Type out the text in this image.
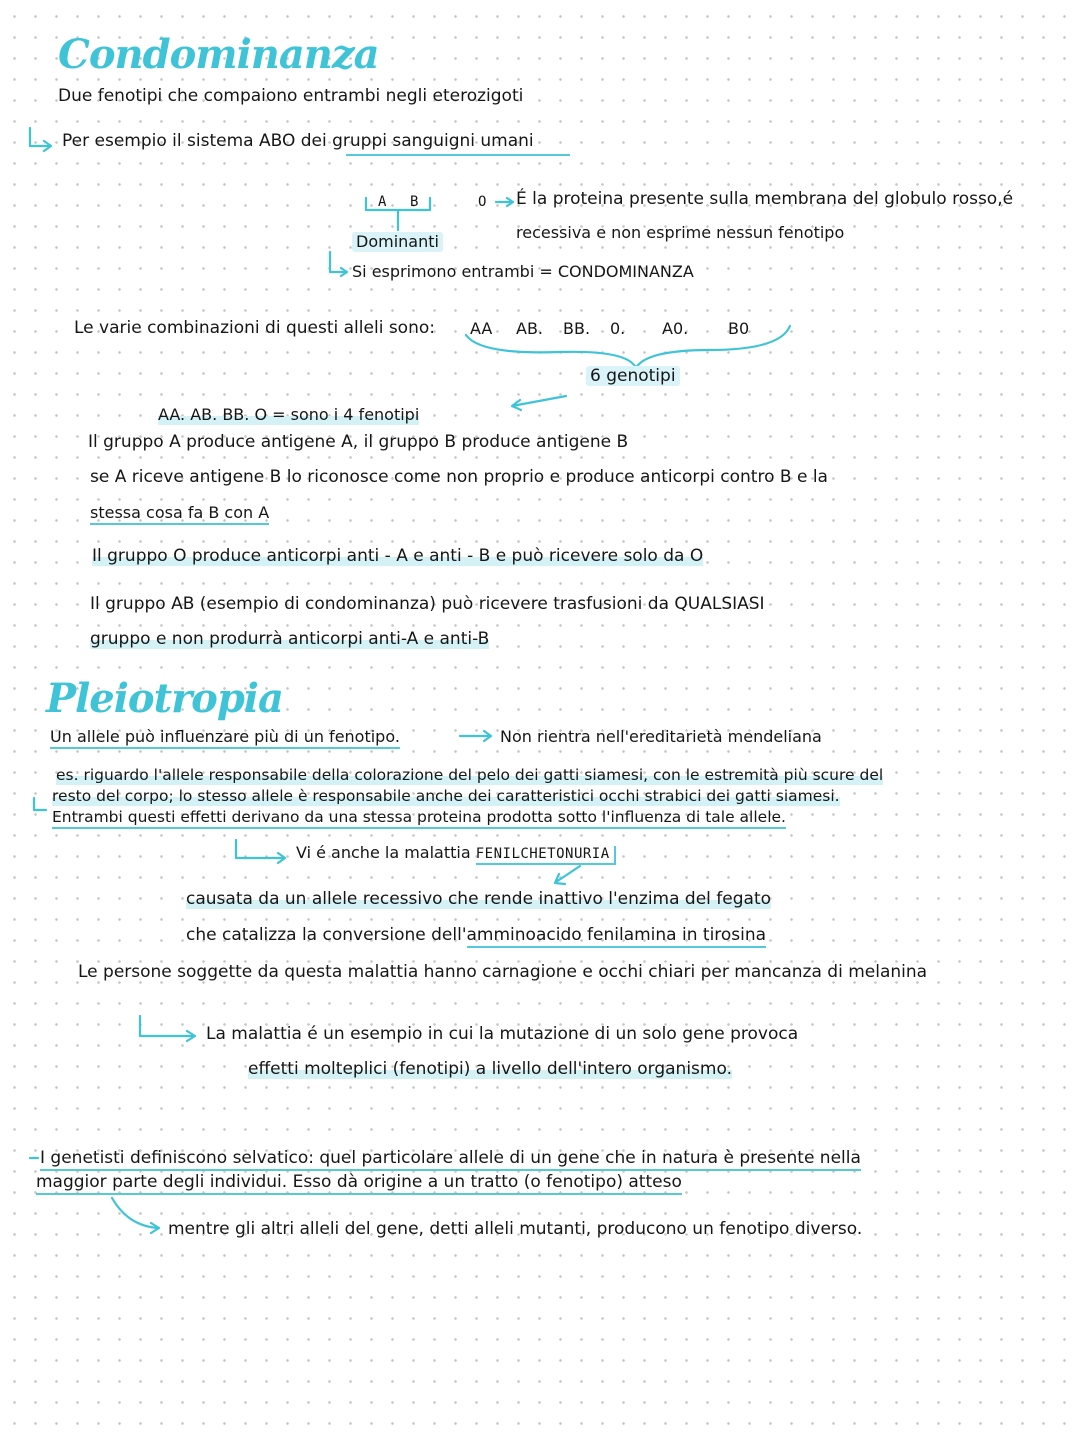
Condominanza
Due fenotipi che compaiono entrambi negli eterozigoti
Per esempio il sistema ABO dei gruppi sanguigni umani
A B	O É la proteina presente sulla membrana del globulo rosso,é
recessiva e non esprime nessun fenotipo
Dominanti
Si esprimono entrambi = CONDOMINANZA
Le varie combinazioni di questi alleli sono: AA AB. BB. 0. A0. B0
6 genotipi
AA. AB. BB. O = sono i 4 fenotipi
Il gruppo A produce antigene A, il gruppo B produce antigene B
se A riceve antigene B lo riconosce come non proprio e produce anticorpi contro B e la
stessa cosa fa B con A
Il gruppo O produce anticorpi anti - A e anti - B e può ricevere solo da O
Il gruppo AB (esempio di condominanza) può ricevere trasfusioni da QUALSIASI
gruppo e non produrrà anticorpi anti-A e anti-B
Pleiotropia
Un allele può influenzare più di un fenotipo.	Non rientra nell'ereditarietà mendeliana
es. riguardo l'allele responsabile della colorazione del pelo dei gatti siamesi, con le estremità più scure del
resto del corpo; lo stesso allele è responsabile anche dei caratteristici occhi strabici dei gatti siamesi.
Entrambi questi effetti derivano da una stessa proteina prodotta sotto l'influenza di tale allele.
Vi é anche la malattia FENILCHETONURIA
causata da un allele recessivo che rende inattivo l'enzima del fegato
che catalizza la conversione dell'amminoacido fenilamina in tirosina
Le persone soggette da questa malattia hanno carnagione e occhi chiari per mancanza di melanina
La malattia é un esempio in cui la mutazione di un solo gene provoca
effetti molteplici (fenotipi) a livello dell'intero organismo.
I genetisti definiscono selvatico: quel particolare allele di un gene che in natura è presente nella
maggior parte degli individui. Esso dà origine a un tratto (o fenotipo) atteso
mentre gli altri alleli del gene, detti alleli mutanti, producono un fenotipo diverso.
